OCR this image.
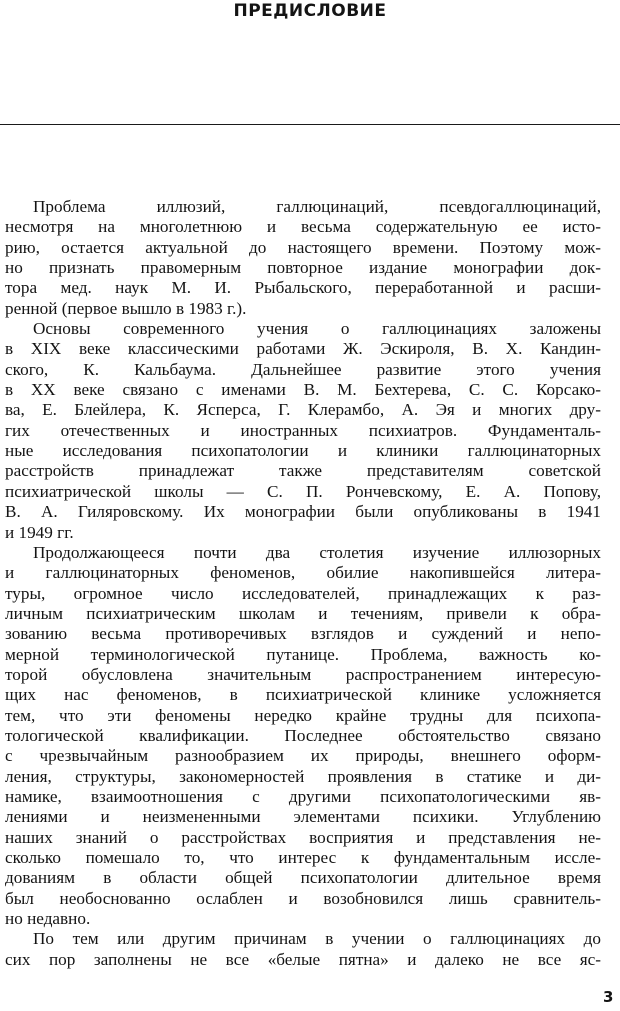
ПРЕДИСЛОВИЕ
Проблема иллюзий, галлюцинаций, псевдогаллюцинаций,
несмотря на многолетнюю и весьма содержательную ее исто-
рию, остается актуальной до настоящего времени. Поэтому мож-
но признать правомерным повторное издание монографии док-
тора мед. наук М. И. Рыбальского, переработанной и расши-
ренной (первое вышло в 1983 г.).
Основы современного учения о галлюцинациях заложены
в XIX веке классическими работами Ж. Эскироля, В. Х. Кандин-
ского, К. Кальбаума. Дальнейшее развитие этого учения
в XX веке связано с именами В. М. Бехтерева, С. С. Корсако-
ва, Е. Блейлера, К. Ясперса, Г. Клерамбо, А. Эя и многих дру-
гих отечественных и иностранных психиатров. Фундаменталь-
ные исследования психопатологии и клиники галлюцинаторных
расстройств принадлежат также представителям советской
психиатрической школы — С. П. Рончевскому, Е. А. Попову,
В. А. Гиляровскому. Их монографии были опубликованы в 1941
и 1949 гг.
Продолжающееся почти два столетия изучение иллюзорных
и галлюцинаторных феноменов, обилие накопившейся литера-
туры, огромное число исследователей, принадлежащих к раз-
личным психиатрическим школам и течениям, привели к обра-
зованию весьма противоречивых взглядов и суждений и непо-
мерной терминологической путанице. Проблема, важность ко-
торой обусловлена значительным распространением интересую-
щих нас феноменов, в психиатрической клинике усложняется
тем, что эти феномены нередко крайне трудны для психопа-
тологической квалификации. Последнее обстоятельство связано
с чрезвычайным разнообразием их природы, внешнего оформ-
ления, структуры, закономерностей проявления в статике и ди-
намике, взаимоотношения с другими психопатологическими яв-
лениями и неизмененными элементами психики. Углублению
наших знаний о расстройствах восприятия и представления не-
сколько помешало то, что интерес к фундаментальным иссле-
дованиям в области общей психопатологии длительное время
был необоснованно ослаблен и возобновился лишь сравнитель-
но недавно.
По тем или другим причинам в учении о галлюцинациях до
сих пор заполнены не все «белые пятна» и далеко не все яс-
3
